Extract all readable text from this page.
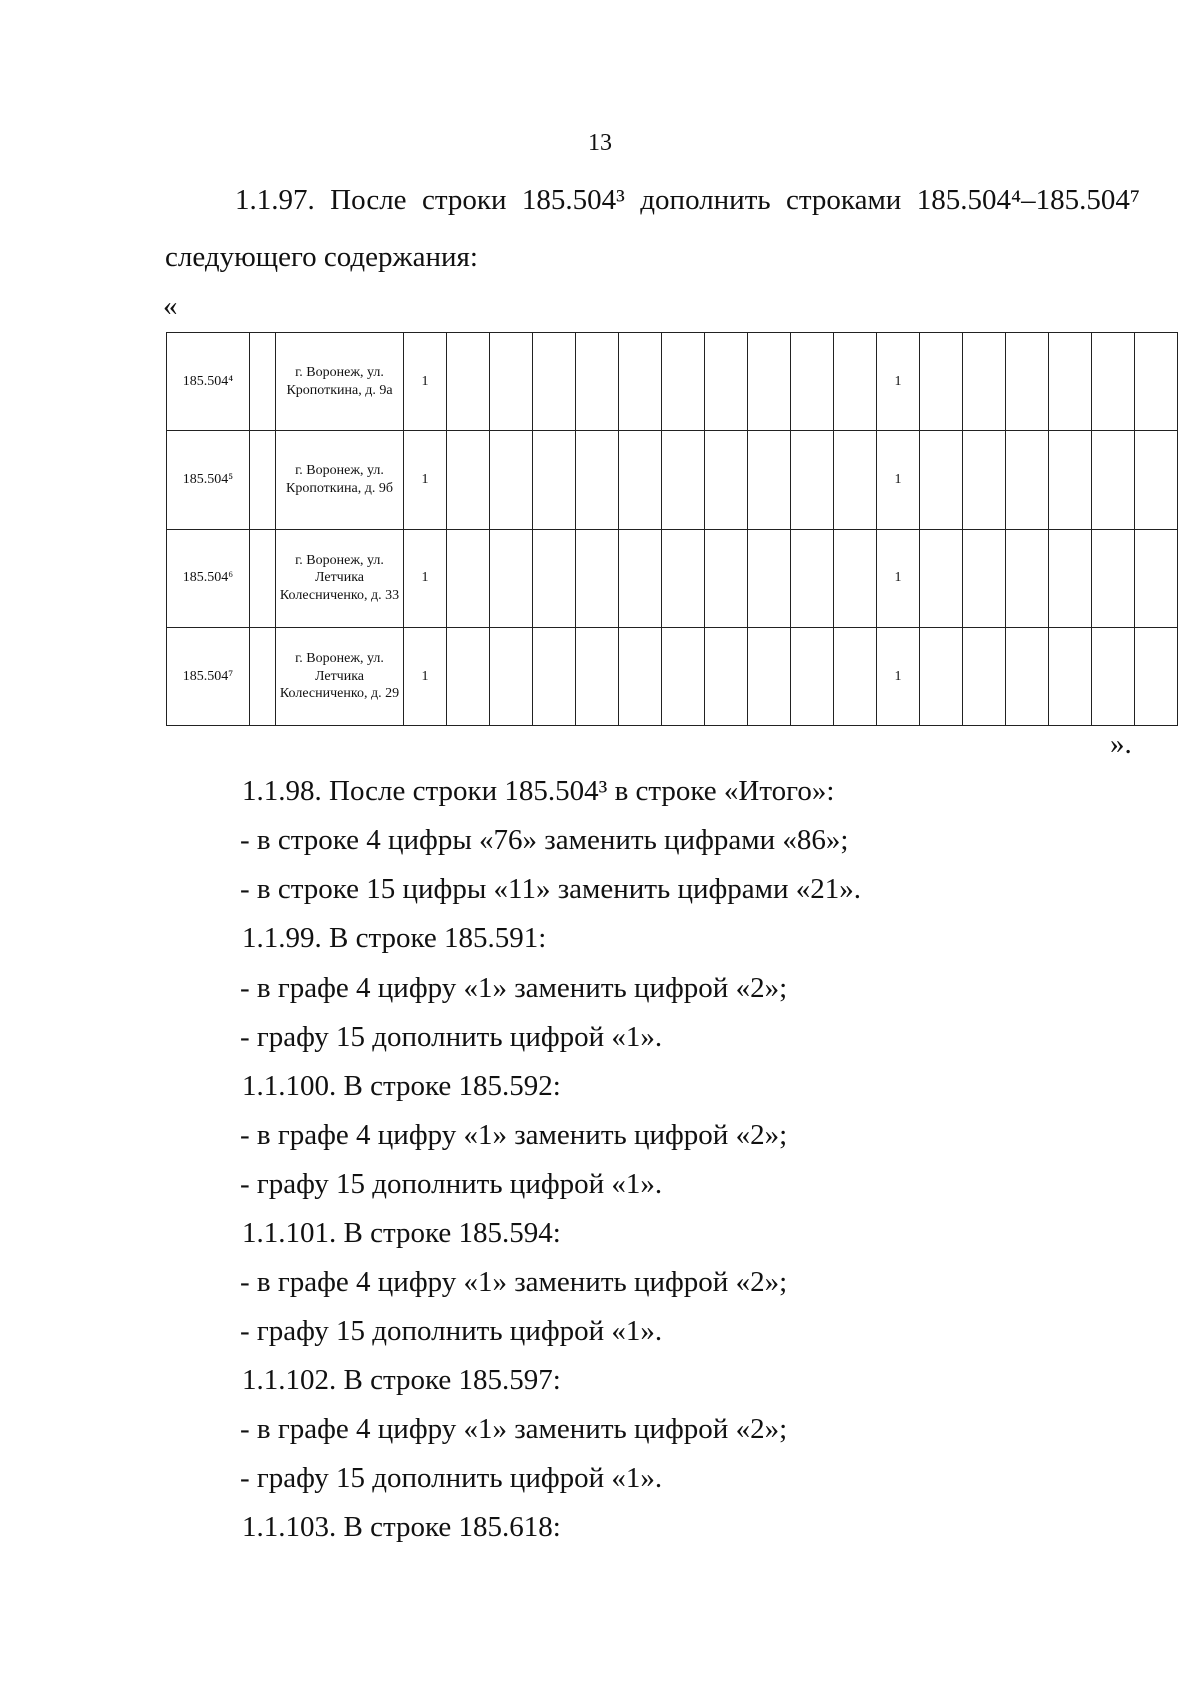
13
1.1.97. После строки 185.504³ дополнить строками 185.504⁴–185.504⁷
следующего содержания:
«
185.504⁴		г. Воронеж, ул. Кропоткина, д. 9а	1											1						
185.504⁵		г. Воронеж, ул. Кропоткина, д. 9б	1											1						
185.504⁶		г. Воронеж, ул. Летчика Колесниченко, д. 33	1											1						
185.504⁷		г. Воронеж, ул. Летчика Колесниченко, д. 29	1											1						
».
1.1.98. После строки 185.504³ в строке «Итого»:
- в строке 4 цифры «76» заменить цифрами «86»;
- в строке 15 цифры «11» заменить цифрами «21».
1.1.99. В строке 185.591:
- в графе 4 цифру «1» заменить цифрой «2»;
- графу 15 дополнить цифрой «1».
1.1.100. В строке 185.592:
- в графе 4 цифру «1» заменить цифрой «2»;
- графу 15 дополнить цифрой «1».
1.1.101. В строке 185.594:
- в графе 4 цифру «1» заменить цифрой «2»;
- графу 15 дополнить цифрой «1».
1.1.102. В строке 185.597:
- в графе 4 цифру «1» заменить цифрой «2»;
- графу 15 дополнить цифрой «1».
1.1.103. В строке 185.618:
